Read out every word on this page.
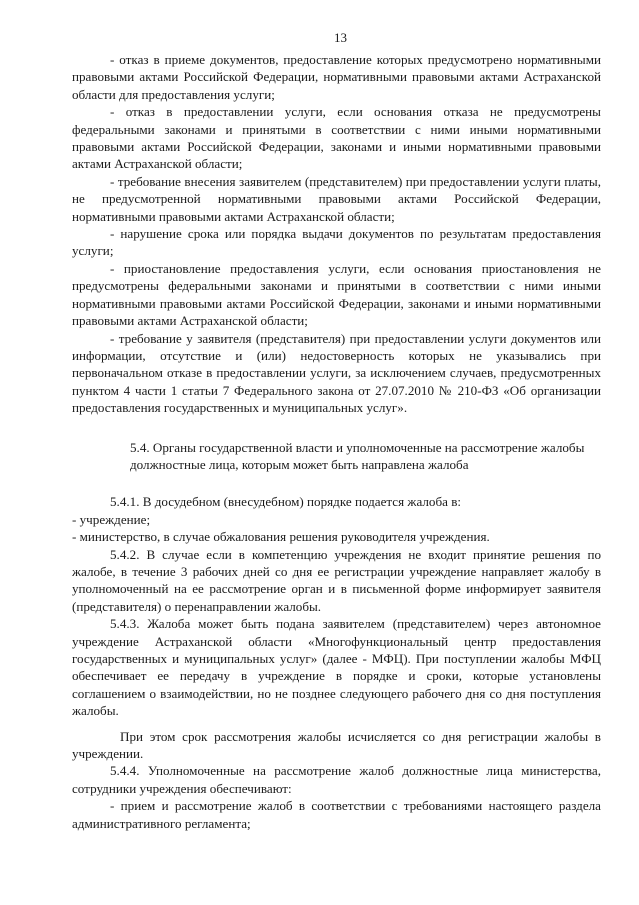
13

- отказ в приеме документов, предоставление которых предусмотрено нормативными правовыми актами Российской Федерации, нормативными правовыми актами Астраханской области для предоставления услуги;

- отказ в предоставлении услуги, если основания отказа не предусмотрены федеральными законами и принятыми в соответствии с ними иными нормативными правовыми актами Российской Федерации, законами и иными нормативными правовыми актами Астраханской области;

- требование внесения заявителем (представителем) при предоставлении услуги платы, не предусмотренной нормативными правовыми актами Российской Федерации, нормативными правовыми актами Астраханской области;

- нарушение срока или порядка выдачи документов по результатам предоставления услуги;

- приостановление предоставления услуги, если основания приостановления не предусмотрены федеральными законами и принятыми в соответствии с ними иными нормативными правовыми актами Российской Федерации, законами и иными нормативными правовыми актами Астраханской области;

- требование у заявителя (представителя) при предоставлении услуги документов или информации, отсутствие и (или) недостоверность которых не указывались при первоначальном отказе в предоставлении услуги, за исключением случаев, предусмотренных пунктом 4 части 1 статьи 7 Федерального закона от 27.07.2010 № 210-ФЗ «Об организации предоставления государственных и муниципальных услуг».

5.4. Органы государственной власти и уполномоченные на рассмотрение жалобы должностные лица, которым может быть направлена жалоба

5.4.1. В досудебном (внесудебном) порядке подается жалоба в:

- учреждение;

- министерство, в случае обжалования решения руководителя учреждения.

5.4.2. В случае если в компетенцию учреждения не входит принятие решения по жалобе, в течение 3 рабочих дней со дня ее регистрации учреждение направляет жалобу в уполномоченный на ее рассмотрение орган и в письменной форме информирует заявителя (представителя) о перенаправлении жалобы.

5.4.3. Жалоба может быть подана заявителем (представителем) через автономное учреждение Астраханской области «Многофункциональный центр предоставления государственных и муниципальных услуг» (далее - МФЦ). При поступлении жалобы МФЦ обеспечивает ее передачу в учреждение в порядке и сроки, которые установлены соглашением о взаимодействии, но не позднее следующего рабочего дня со дня поступления жалобы.

При этом срок рассмотрения жалобы исчисляется со дня регистрации жалобы в учреждении.

5.4.4. Уполномоченные на рассмотрение жалоб должностные лица министерства, сотрудники учреждения обеспечивают:

- прием и рассмотрение жалоб в соответствии с требованиями настоящего раздела административного регламента;
